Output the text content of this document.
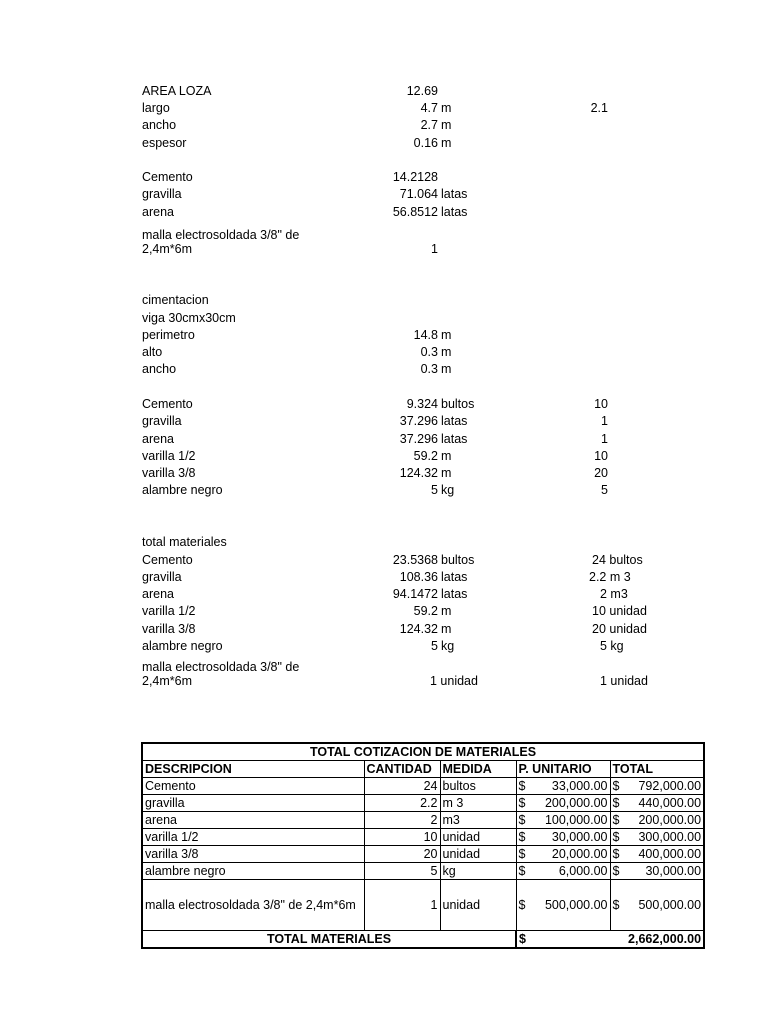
AREA LOZA	12.69
largo	4.7 m	2.1
ancho	2.7 m
espesor	0.16 m
Cemento	14.2128
gravilla	71.064 latas
arena	56.8512 latas
malla electrosoldada 3/8" de 2,4m*6m	1
cimentacion
viga 30cmx30cm
perimetro	14.8 m
alto	0.3 m
ancho	0.3 m
Cemento	9.324 bultos	10
gravilla	37.296 latas	1
arena	37.296 latas	1
varilla 1/2	59.2 m	10
varilla 3/8	124.32 m	20
alambre negro	5 kg	5
total materiales
Cemento	23.5368 bultos	24 bultos
gravilla	108.36 latas	2.2 m 3
arena	94.1472 latas	2 m3
varilla 1/2	59.2 m	10 unidad
varilla 3/8	124.32 m	20 unidad
alambre negro	5 kg	5 kg
malla electrosoldada 3/8" de 2,4m*6m	1 unidad	1 unidad
TOTAL COTIZACION DE MATERIALES				
DESCRIPCION	CANTIDAD	MEDIDA	P. UNITARIO	TOTAL
Cemento	24	bultos	$ 33,000.00	$ 792,000.00

gravilla	2.2	m 3	$ 200,000.00	$ 440,000.00

arena	2	m3	$ 100,000.00	$ 200,000.00

varilla 1/2	10	unidad	$ 30,000.00	$ 300,000.00

varilla 3/8	20	unidad	$ 20,000.00	$ 400,000.00

alambre negro	5	kg	$ 6,000.00	$ 30,000.00

malla electrosoldada 3/8" de 2,4m*6m	1	unidad	$ 500,000.00	$ 500,000.00

TOTAL MATERIALES			$ 2,662,000.00	
